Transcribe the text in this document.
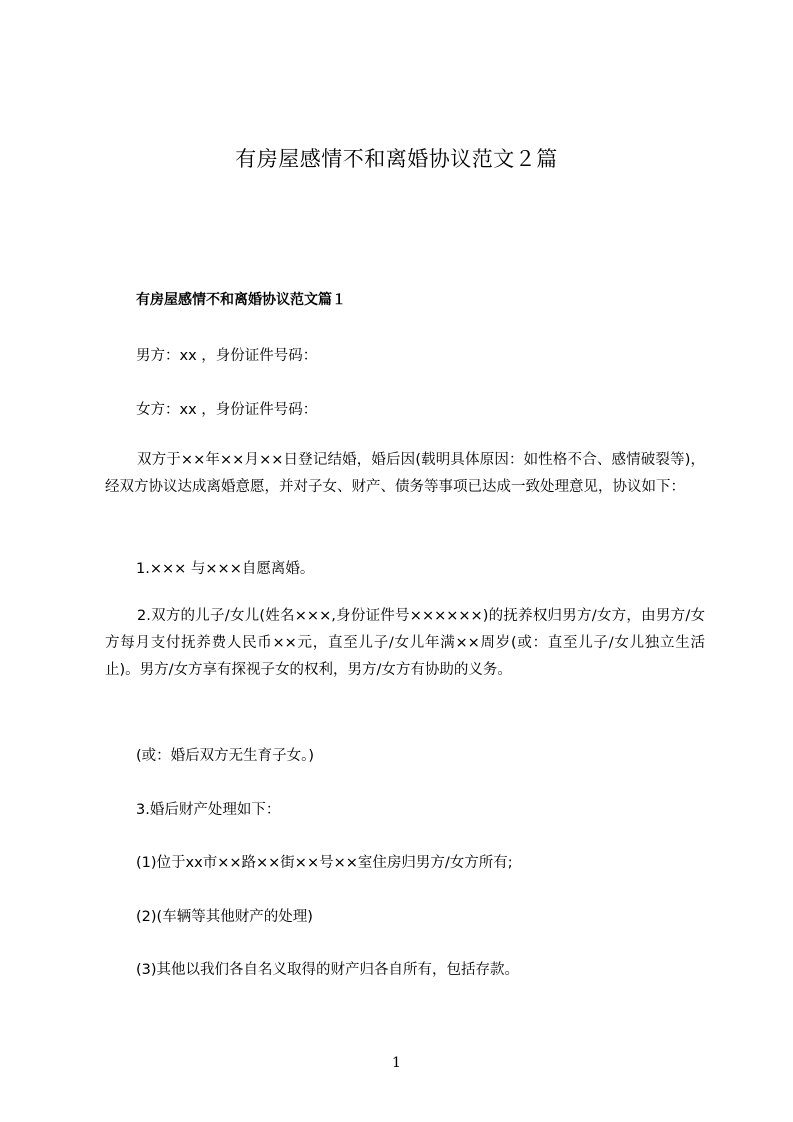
有房屋感情不和离婚协议范文２篇
有房屋感情不和离婚协议范文篇１
男方：xx ，身份证件号码：
女方：xx ，身份证件号码：
双方于××年××月××日登记结婚，婚后因(载明具体原因：如性格不合、感情破裂等)，经双方协议达成离婚意愿，并对子女、财产、债务等事项已达成一致处理意见，协议如下：
1.××× 与×××自愿离婚。
2.双方的儿子/女儿(姓名×××,身份证件号××××××)的抚养权归男方/女方，由男方/女方每月支付抚养费人民币××元，直至儿子/女儿年满××周岁(或：直至儿子/女儿独立生活止)。男方/女方享有探视子女的权利，男方/女方有协助的义务。
(或：婚后双方无生育子女。)
3.婚后财产处理如下：
(1)位于xx市××路××街××号××室住房归男方/女方所有;
(2)(车辆等其他财产的处理)
(3)其他以我们各自名义取得的财产归各自所有，包括存款。
1
